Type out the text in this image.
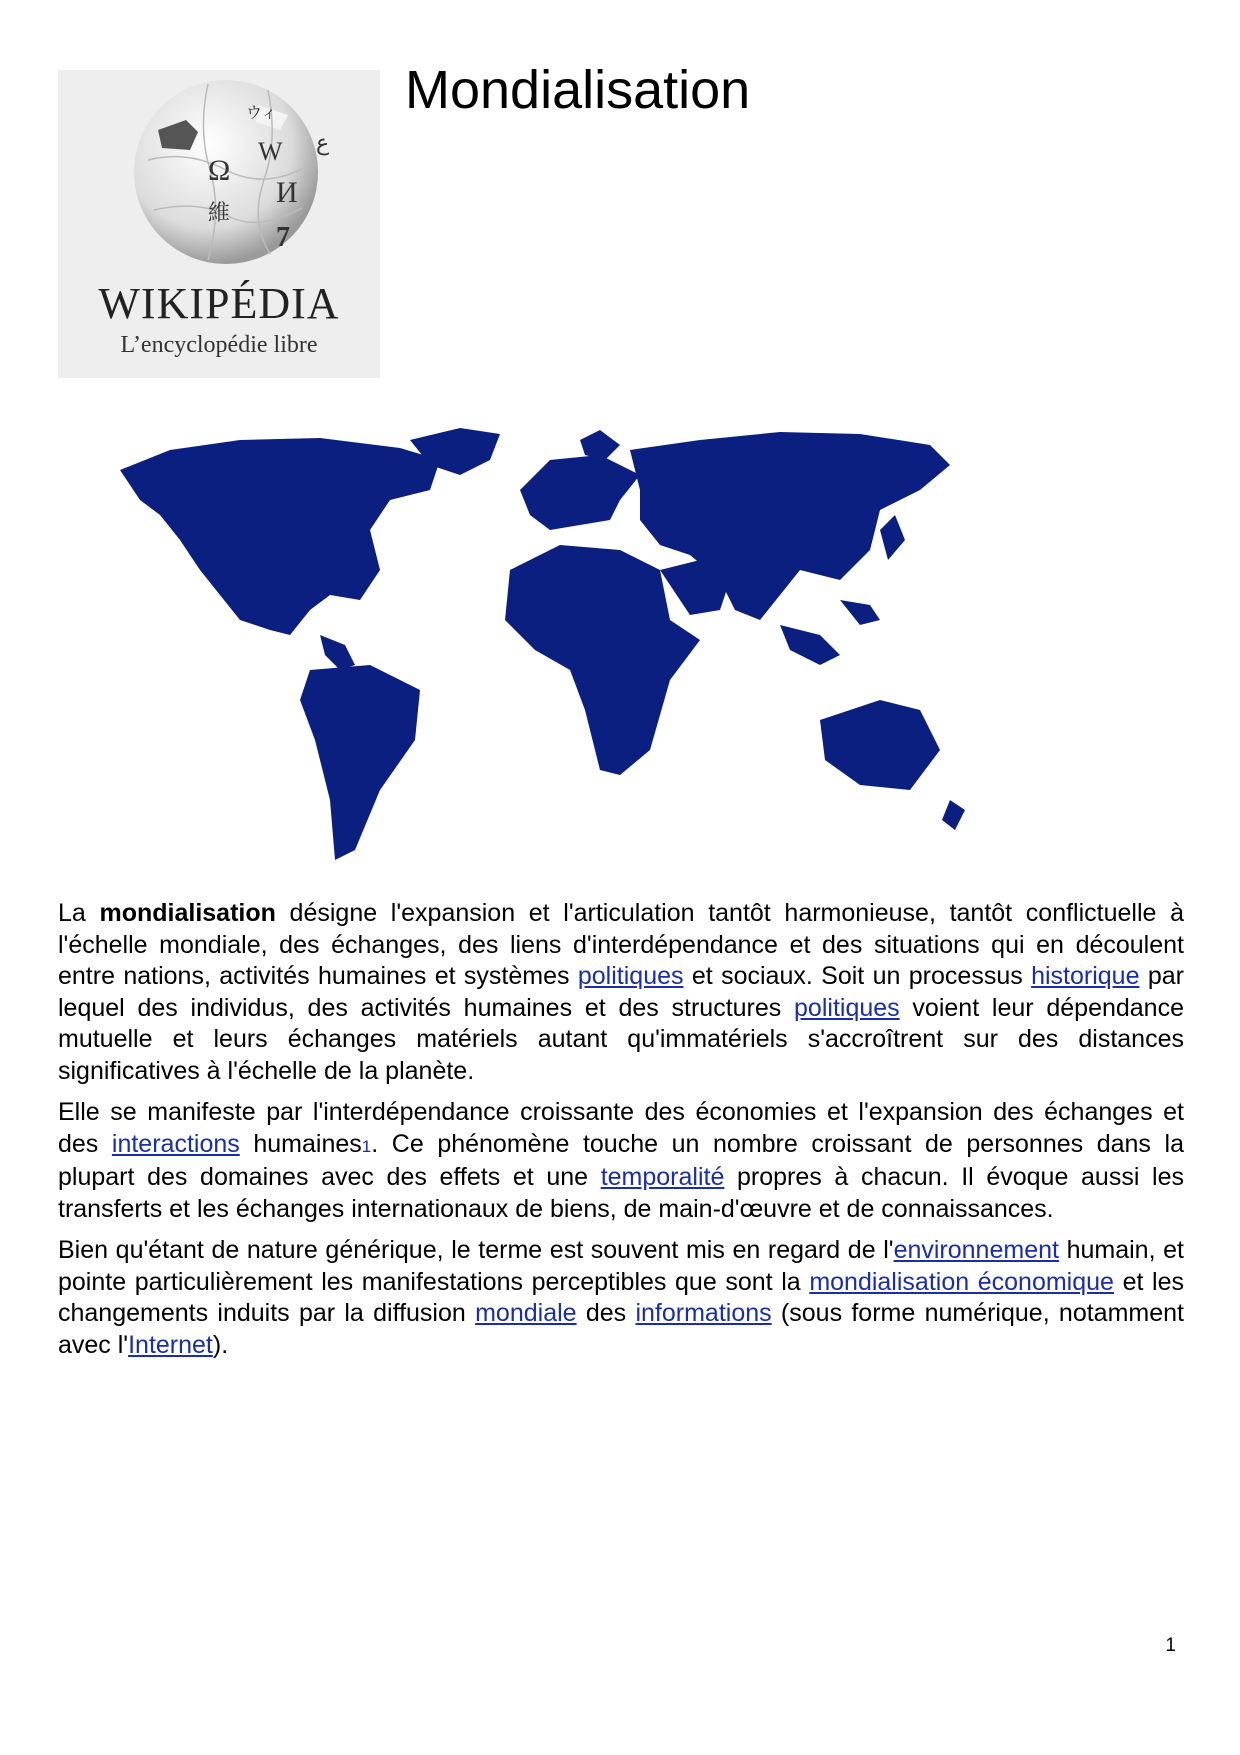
Ω
W
И
維
7
ウィ
ع
WIKIPÉDIA
L’encyclopédie libre
Mondialisation

La mondialisation désigne l'expansion et l'articulation tantôt harmonieuse, tantôt conflictuelle à l'échelle mondiale, des échanges, des liens d'interdépendance et des situations qui en découlent entre nations, activités humaines et systèmes politiques et sociaux. Soit un processus historique par lequel des individus, des activités humaines et des structures politiques voient leur dépendance mutuelle et leurs échanges matériels autant qu'immatériels s'accroîtrent sur des distances significatives à l'échelle de la planète.

Elle se manifeste par l'interdépendance croissante des économies et l'expansion des échanges et des interactions humaines1. Ce phénomène touche un nombre croissant de personnes dans la plupart des domaines avec des effets et une temporalité propres à chacun. Il évoque aussi les transferts et les échanges internationaux de biens, de main-d'œuvre et de connaissances.

Bien qu'étant de nature générique, le terme est souvent mis en regard de l'environnement humain, et pointe particulièrement les manifestations perceptibles que sont la mondialisation économique et les changements induits par la diffusion mondiale des informations (sous forme numérique, notamment avec l'Internet).

1
